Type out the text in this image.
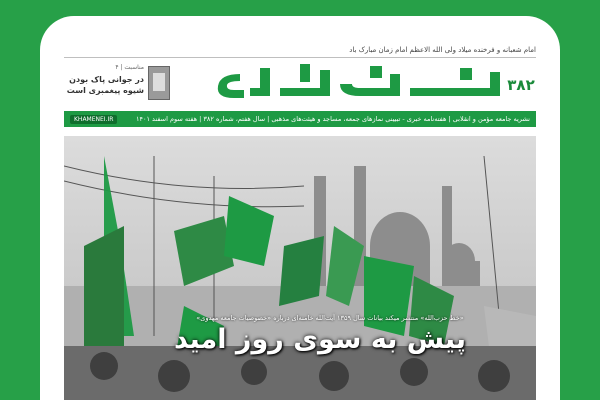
امام شعبانه و فرخنده میلاد ولی الله الاعظم امام زمان مبارک باد
۳۸۲
مناسبت | ۴
در جوانی پاک بودن شیوه پیغمبری است
نشریه جامعه مؤمن و انقلابی | هفته‌نامه خبری - تبیینی نمازهای جمعه، مساجد و هیئت‌های مذهبی | سال هفتم، شماره ۳۸۲ | هفته سوم اسفند ۱۴۰۱
KHAMENEI.IR
«خط حزب‌الله» منتشر میکند بیانات سال ۱۳۵۹ آیت‌الله خامنه‌ای درباره «خصوصیات جامعه مهدوی»
پیش به سوی روز امید
